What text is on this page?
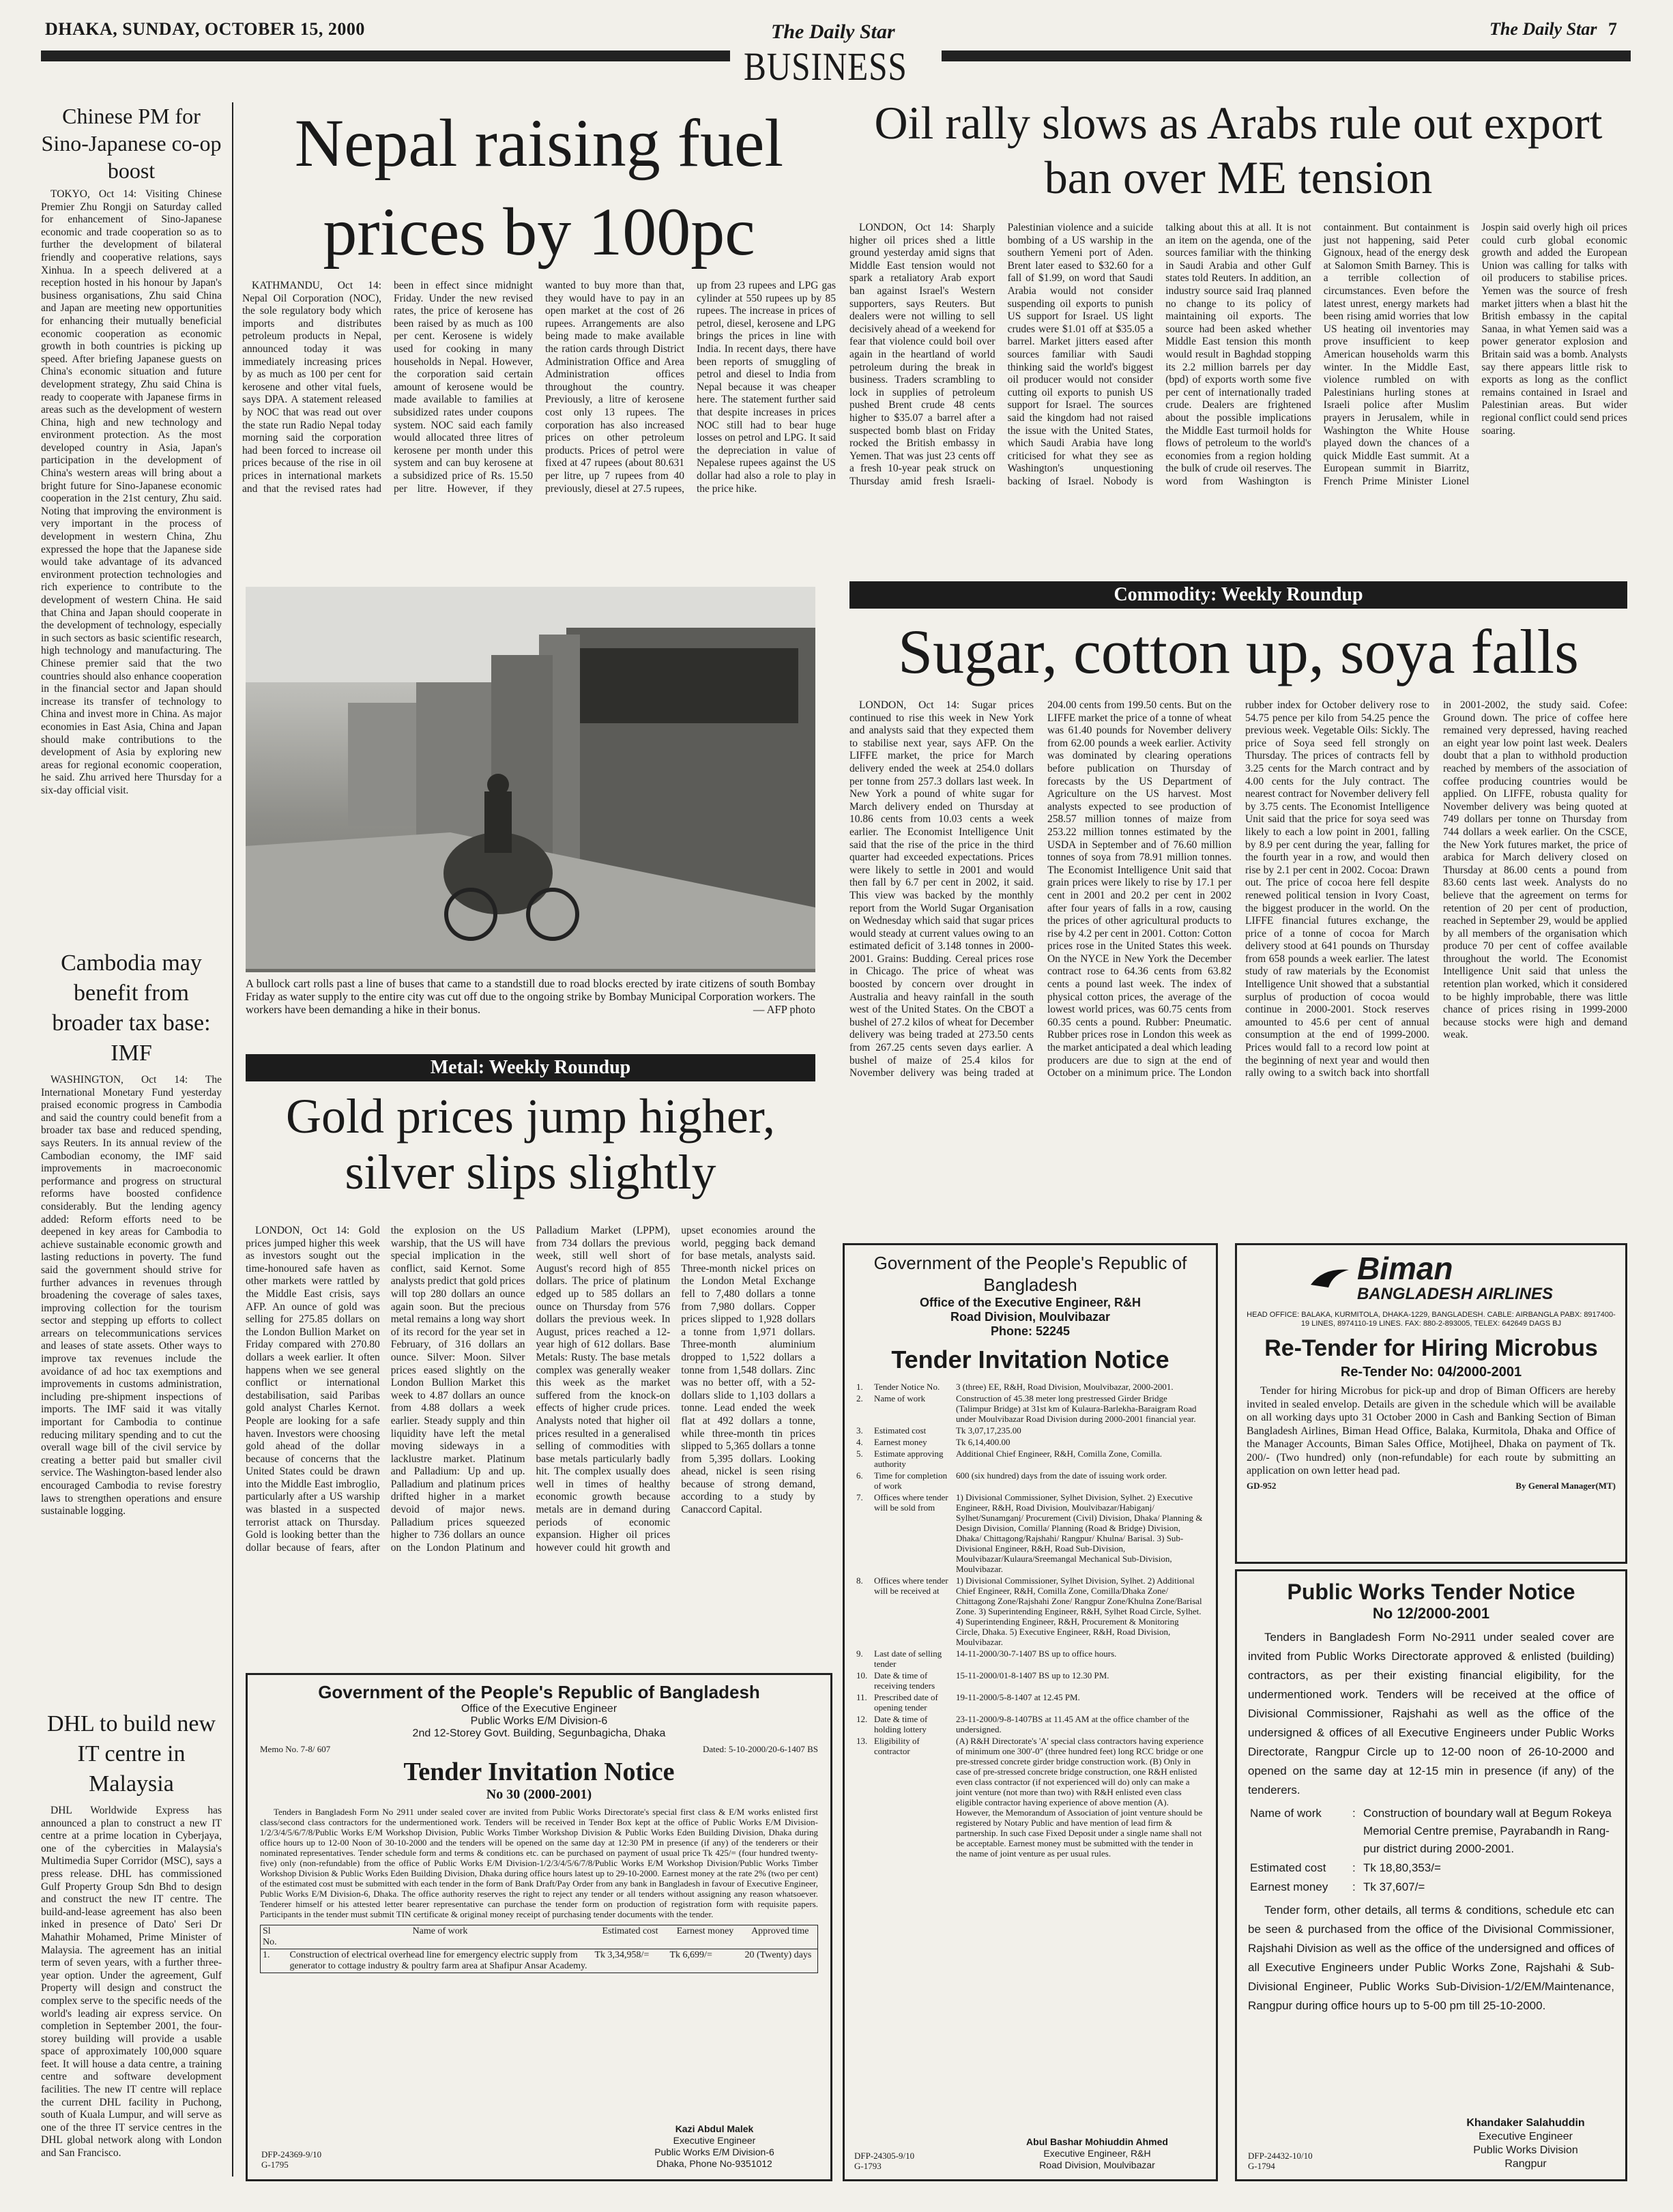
DHAKA, SUNDAY, OCTOBER 15, 2000	The Daily Star
BUSINESS
The Daily Star 7
Chinese PM for Sino-Japanese co-op boost

TOKYO, Oct 14: Visiting Chinese Premier Zhu Rongji on Saturday called for enhancement of Sino-Japanese economic and trade cooperation so as to further the development of bilateral friendly and cooperative relations, says Xinhua. In a speech delivered at a reception hosted in his honour by Japan's business organisations, Zhu said China and Japan are meeting new opportunities for enhancing their mutually beneficial economic cooperation as economic growth in both countries is picking up speed. After briefing Japanese guests on China's economic situation and future development strategy, Zhu said China is ready to cooperate with Japanese firms in areas such as the development of western China, high and new technology and environment protection. As the most developed country in Asia, Japan's participation in the development of China's western areas will bring about a bright future for Sino-Japanese economic cooperation in the 21st century, Zhu said. Noting that improving the environment is very important in the process of development in western China, Zhu expressed the hope that the Japanese side would take advantage of its advanced environment protection technologies and rich experience to contribute to the development of western China. He said that China and Japan should cooperate in the development of technology, especially in such sectors as basic scientific research, high technology and manufacturing. The Chinese premier said that the two countries should also enhance cooperation in the financial sector and Japan should increase its transfer of technology to China and invest more in China. As major economies in East Asia, China and Japan should make contributions to the development of Asia by exploring new areas for regional economic cooperation, he said. Zhu arrived here Thursday for a six-day official visit.

Cambodia may benefit from broader tax base: IMF

WASHINGTON, Oct 14: The International Monetary Fund yesterday praised economic progress in Cambodia and said the country could benefit from a broader tax base and reduced spending, says Reuters. In its annual review of the Cambodian economy, the IMF said improvements in macroeconomic performance and progress on structural reforms have boosted confidence considerably. But the lending agency added: Reform efforts need to be deepened in key areas for Cambodia to achieve sustainable economic growth and lasting reductions in poverty. The fund said the government should strive for further advances in revenues through broadening the coverage of sales taxes, improving collection for the tourism sector and stepping up efforts to collect arrears on telecommunications services and leases of state assets. Other ways to improve tax revenues include the avoidance of ad hoc tax exemptions and improvements in customs administration, including pre-shipment inspections of imports. The IMF said it was vitally important for Cambodia to continue reducing military spending and to cut the overall wage bill of the civil service by creating a better paid but smaller civil service. The Washington-based lender also encouraged Cambodia to revise forestry laws to strengthen operations and ensure sustainable logging.

DHL to build new IT centre in Malaysia

DHL Worldwide Express has announced a plan to construct a new IT centre at a prime location in Cyberjaya, one of the cybercities in Malaysia's Multimedia Super Corridor (MSC), says a press release. DHL has commissioned Gulf Property Group Sdn Bhd to design and construct the new IT centre. The build-and-lease agreement has also been inked in presence of Dato' Seri Dr Mahathir Mohamed, Prime Minister of Malaysia. The agreement has an initial term of seven years, with a further three-year option. Under the agreement, Gulf Property will design and construct the complex serve to the specific needs of the world's leading air express service. On completion in September 2001, the four-storey building will provide a usable space of approximately 100,000 square feet. It will house a data centre, a training centre and software development facilities. The new IT centre will replace the current DHL facility in Puchong, south of Kuala Lumpur, and will serve as one of the three IT service centres in the DHL global network along with London and San Francisco.

Nepal raising fuel prices by 100pc

KATHMANDU, Oct 14: Nepal Oil Corporation (NOC), the sole regulatory body which imports and distributes petroleum products in Nepal, announced today it was immediately increasing prices by as much as 100 per cent for kerosene and other vital fuels, says DPA. A statement released by NOC that was read out over the state run Radio Nepal today morning said the corporation had been forced to increase oil prices because of the rise in oil prices in international markets and that the revised rates had been in effect since midnight Friday. Under the new revised rates, the price of kerosene has been raised by as much as 100 per cent. Kerosene is widely used for cooking in many households in Nepal. However, the corporation said certain amount of kerosene would be made available to families at subsidized rates under coupons system. NOC said each family would allocated three litres of kerosene per month under this system and can buy kerosene at a subsidized price of Rs. 15.50 per litre. However, if they wanted to buy more than that, they would have to pay in an open market at the cost of 26 rupees. Arrangements are also being made to make available the ration cards through District Administration Office and Area Administration offices throughout the country. Previously, a litre of kerosene cost only 13 rupees. The corporation has also increased prices on other petroleum products. Prices of petrol were fixed at 47 rupees (about 80.631 per litre, up 7 rupees from 40 previously, diesel at 27.5 rupees, up from 23 rupees and LPG gas cylinder at 550 rupees up by 85 rupees. The increase in prices of petrol, diesel, kerosene and LPG brings the prices in line with India. In recent days, there have been reports of smuggling of petrol and diesel to India from Nepal because it was cheaper here. The statement further said that despite increases in prices NOC still had to bear huge losses on petrol and LPG. It said the depreciation in value of Nepalese rupees against the US dollar had also a role to play in the price hike.

A bullock cart rolls past a line of buses that came to a standstill due to road blocks erected by irate citizens of south Bombay Friday as water supply to the entire city was cut off due to the ongoing strike by Bombay Municipal Corporation workers. The workers have been demanding a hike in their bonus.	— AFP photo
Metal: Weekly Roundup
Gold prices jump higher, silver slips slightly

LONDON, Oct 14: Gold prices jumped higher this week as investors sought out the time-honoured safe haven as other markets were rattled by the Middle East crisis, says AFP. An ounce of gold was selling for 275.85 dollars on the London Bullion Market on Friday compared with 270.80 dollars a week earlier. It often happens when we see general conflict or international destabilisation, said Paribas gold analyst Charles Kernot. People are looking for a safe haven. Investors were choosing gold ahead of the dollar because of concerns that the United States could be drawn into the Middle East imbroglio, particularly after a US warship was blasted in a suspected terrorist attack on Thursday. Gold is looking better than the dollar because of fears, after the explosion on the US warship, that the US will have special implication in the conflict, said Kernot. Some analysts predict that gold prices will top 280 dollars an ounce again soon. But the precious metal remains a long way short of its record for the year set in February, of 316 dollars an ounce. Silver: Moon. Silver prices eased slightly on the London Bullion Market this week to 4.87 dollars an ounce from 4.88 dollars a week earlier. Steady supply and thin liquidity have left the metal moving sideways in a lacklustre market. Platinum and Palladium: Up and up. Palladium and platinum prices drifted higher in a market devoid of major news. Palladium prices squeezed higher to 736 dollars an ounce on the London Platinum and Palladium Market (LPPM), from 734 dollars the previous week, still well short of August's record high of 855 dollars. The price of platinum edged up to 585 dollars an ounce on Thursday from 576 dollars the previous week. In August, prices reached a 12-year high of 612 dollars. Base Metals: Rusty. The base metals complex was generally weaker this week as the market suffered from the knock-on effects of higher crude prices. Analysts noted that higher oil prices resulted in a generalised selling of commodities with base metals particularly badly hit. The complex usually does well in times of healthy economic growth because metals are in demand during periods of economic expansion. Higher oil prices however could hit growth and upset economies around the world, pegging back demand for base metals, analysts said. Three-month nickel prices on the London Metal Exchange fell to 7,480 dollars a tonne from 7,980 dollars. Copper prices slipped to 1,928 dollars a tonne from 1,971 dollars. Three-month aluminium dropped to 1,522 dollars a tonne from 1,548 dollars. Zinc was no better off, with a 52-dollars slide to 1,103 dollars a tonne. Lead ended the week flat at 492 dollars a tonne, while three-month tin prices slipped to 5,365 dollars a tonne from 5,395 dollars. Looking ahead, nickel is seen rising because of strong demand, according to a study by Canaccord Capital.

Government of the People's Republic of Bangladesh
Office of the Executive Engineer
Public Works E/M Division-6
2nd 12-Storey Govt. Building, Segunbagicha, Dhaka
Memo No. 7-8/ 607	Dated: 5-10-2000/20-6-1407 BS
Tender Invitation Notice
No 30 (2000-2001)

Tenders in Bangladesh Form No 2911 under sealed cover are invited from Public Works Directorate's special first class & E/M works enlisted first class/second class contractors for the undermentioned work. Tenders will be received in Tender Box kept at the office of Public Works E/M Division-1/2/3/4/5/6/7/8/Public Works E/M Workshop Division, Public Works Timber Workshop Division & Public Works Eden Building Division, Dhaka during office hours up to 12-00 Noon of 30-10-2000 and the tenders will be opened on the same day at 12:30 PM in presence (if any) of the tenderers or their nominated representatives. Tender schedule form and terms & conditions etc. can be purchased on payment of usual price Tk 425/= (four hundred twenty-five) only (non-refundable) from the office of Public Works E/M Division-1/2/3/4/5/6/7/8/Public Works E/M Workshop Division/Public Works Timber Workshop Division & Public Works Eden Building Division, Dhaka during office hours latest up to 29-10-2000. Earnest money at the rate 2% (two per cent) of the estimated cost must be submitted with each tender in the form of Bank Draft/Pay Order from any bank in Bangladesh in favour of Executive Engineer, Public Works E/M Division-6, Dhaka. The office authority reserves the right to reject any tender or all tenders without assigning any reason whatsoever. Tenderer himself or his attested letter bearer representative can purchase the tender form on production of registration form with requisite papers. Participants in the tender must submit TIN certificate & original money receipt of purchasing tender documents with the tender.

Sl No.	Name of work	Estimated cost	Earnest money	Approved time
1.	Construction of electrical overhead line for emergency electric supply from generator to cottage industry & poultry farm area at Shafipur Ansar Academy.	Tk 3,34,958/=	Tk 6,699/=	20 (Twenty) days
Kazi Abdul Malek
Executive Engineer
Public Works E/M Division-6
Dhaka, Phone No-9351012
DFP-24369-9/10
G-1795
Oil rally slows as Arabs rule out export ban over ME tension

LONDON, Oct 14: Sharply higher oil prices shed a little ground yesterday amid signs that Middle East tension would not spark a retaliatory Arab export ban against Israel's Western supporters, says Reuters. But dealers were not willing to sell decisively ahead of a weekend for fear that violence could boil over again in the heartland of world petroleum during the break in business. Traders scrambling to lock in supplies of petroleum pushed Brent crude 48 cents higher to $35.07 a barrel after a suspected bomb blast on Friday rocked the British embassy in Yemen. That was just 23 cents off a fresh 10-year peak struck on Thursday amid fresh Israeli-Palestinian violence and a suicide bombing of a US warship in the southern Yemeni port of Aden. Brent later eased to $32.60 for a fall of $1.99, on word that Saudi Arabia would not consider suspending oil exports to punish US support for Israel. US light crudes were $1.01 off at $35.05 a barrel. Market jitters eased after sources familiar with Saudi thinking said the world's biggest oil producer would not consider cutting oil exports to punish US support for Israel. The sources said the kingdom had not raised the issue with the United States, which Saudi Arabia have long criticised for what they see as Washington's unquestioning backing of Israel. Nobody is talking about this at all. It is not an item on the agenda, one of the sources familiar with the thinking in Saudi Arabia and other Gulf states told Reuters. In addition, an industry source said Iraq planned no change to its policy of maintaining oil exports. The source had been asked whether Middle East tension this month would result in Baghdad stopping its 2.2 million barrels per day (bpd) of exports worth some five per cent of internationally traded crude. Dealers are frightened about the possible implications the Middle East turmoil holds for flows of petroleum to the world's economies from a region holding the bulk of crude oil reserves. The word from Washington is containment. But containment is just not happening, said Peter Gignoux, head of the energy desk at Salomon Smith Barney. This is a terrible collection of circumstances. Even before the latest unrest, energy markets had been rising amid worries that low US heating oil inventories may prove insufficient to keep American households warm this winter. In the Middle East, violence rumbled on with Palestinians hurling stones at Israeli police after Muslim prayers in Jerusalem, while in Washington the White House played down the chances of a quick Middle East summit. At a European summit in Biarritz, French Prime Minister Lionel Jospin said overly high oil prices could curb global economic growth and added the European Union was calling for talks with oil producers to stabilise prices. Yemen was the source of fresh market jitters when a blast hit the British embassy in the capital Sanaa, in what Yemen said was a power generator explosion and Britain said was a bomb. Analysts say there appears little risk to exports as long as the conflict remains contained in Israel and Palestinian areas. But wider regional conflict could send prices soaring.

Commodity: Weekly Roundup
Sugar, cotton up, soya falls

LONDON, Oct 14: Sugar prices continued to rise this week in New York and analysts said that they expected them to stabilise next year, says AFP. On the LIFFE market, the price for March delivery ended the week at 254.0 dollars per tonne from 257.3 dollars last week. In New York a pound of white sugar for March delivery ended on Thursday at 10.86 cents from 10.03 cents a week earlier. The Economist Intelligence Unit said that the rise of the price in the third quarter had exceeded expectations. Prices were likely to settle in 2001 and would then fall by 6.7 per cent in 2002, it said. This view was backed by the monthly report from the World Sugar Organisation on Wednesday which said that sugar prices would steady at current values owing to an estimated deficit of 3.148 tonnes in 2000-2001. Grains: Budding. Cereal prices rose in Chicago. The price of wheat was boosted by concern over drought in Australia and heavy rainfall in the south west of the United States. On the CBOT a bushel of 27.2 kilos of wheat for December delivery was being traded at 273.50 cents from 267.25 cents seven days earlier. A bushel of maize of 25.4 kilos for November delivery was being traded at 204.00 cents from 199.50 cents. But on the LIFFE market the price of a tonne of wheat was 61.40 pounds for November delivery from 62.00 pounds a week earlier. Activity was dominated by clearing operations before publication on Thursday of forecasts by the US Department of Agriculture on the US harvest. Most analysts expected to see production of 258.57 million tonnes of maize from 253.22 million tonnes estimated by the USDA in September and of 76.60 million tonnes of soya from 78.91 million tonnes. The Economist Intelligence Unit said that grain prices were likely to rise by 17.1 per cent in 2001 and 20.2 per cent in 2002 after four years of falls in a row, causing the prices of other agricultural products to rise by 4.2 per cent in 2001. Cotton: Cotton prices rose in the United States this week. On the NYCE in New York the December contract rose to 64.36 cents from 63.82 cents a pound last week. The index of physical cotton prices, the average of the lowest world prices, was 60.75 cents from 60.35 cents a pound. Rubber: Pneumatic. Rubber prices rose in London this week as the market anticipated a deal which leading producers are due to sign at the end of October on a minimum price. The London rubber index for October delivery rose to 54.75 pence per kilo from 54.25 pence the previous week. Vegetable Oils: Sickly. The price of Soya seed fell strongly on Thursday. The prices of contracts fell by 3.25 cents for the March contract and by 4.00 cents for the July contract. The nearest contract for November delivery fell by 3.75 cents. The Economist Intelligence Unit said that the price for soya seed was likely to each a low point in 2001, falling by 8.9 per cent during the year, falling for the fourth year in a row, and would then rise by 2.1 per cent in 2002. Cocoa: Drawn out. The price of cocoa here fell despite renewed political tension in Ivory Coast, the biggest producer in the world. On the LIFFE financial futures exchange, the price of a tonne of cocoa for March delivery stood at 641 pounds on Thursday from 658 pounds a week earlier. The latest study of raw materials by the Economist Intelligence Unit showed that a substantial surplus of production of cocoa would continue in 2000-2001. Stock reserves amounted to 45.6 per cent of annual consumption at the end of 1999-2000. Prices would fall to a record low point at the beginning of next year and would then rally owing to a switch back into shortfall in 2001-2002, the study said. Cofee: Ground down. The price of coffee here remained very depressed, having reached an eight year low point last week. Dealers doubt that a plan to withhold production reached by members of the association of coffee producing countries would be applied. On LIFFE, robusta quality for November delivery was being quoted at 749 dollars per tonne on Thursday from 744 dollars a week earlier. On the CSCE, the New York futures market, the price of arabica for March delivery closed on Thursday at 86.00 cents a pound from 83.60 cents last week. Analysts do no believe that the agreement on terms for retention of 20 per cent of production, reached in September 29, would be applied by all members of the organisation which produce 70 per cent of coffee available throughout the world. The Economist Intelligence Unit said that unless the retention plan worked, which it considered to be highly improbable, there was little chance of prices rising in 1999-2000 because stocks were high and demand weak.

Government of the People's Republic of Bangladesh
Office of the Executive Engineer, R&H
Road Division, Moulvibazar
Phone: 52245
Tender Invitation Notice
1.	Tender Notice No.	3 (three) EE, R&H, Road Division, Moulvibazar, 2000-2001.
2.	Name of work	Construction of 45.38 meter long prestressed Girder Bridge (Talimpur Bridge) at 31st km of Kulaura-Barlekha-Baraigram Road under Moulvibazar Road Division during 2000-2001 financial year.
3.	Estimated cost	Tk 3,07,17,235.00
4.	Earnest money	Tk 6,14,400.00
5.	Estimate approving authority	Additional Chief Engineer, R&H, Comilla Zone, Comilla.
6.	Time for completion of work	600 (six hundred) days from the date of issuing work order.
7.	Offices where tender will be sold from	1) Divisional Commissioner, Sylhet Division, Sylhet. 2) Executive Engineer, R&H, Road Division, Moulvibazar/Habiganj/ Sylhet/Sunamganj/ Procurement (Civil) Division, Dhaka/ Planning & Design Division, Comilla/ Planning (Road & Bridge) Division, Dhaka/ Chittagong/Rajshahi/ Rangpur/ Khulna/ Barisal. 3) Sub-Divisional Engineer, R&H, Road Sub-Division, Moulvibazar/Kulaura/Sreemangal Mechanical Sub-Division, Moulvibazar.
8.	Offices where tender will be received at	1) Divisional Commissioner, Sylhet Division, Sylhet. 2) Additional Chief Engineer, R&H, Comilla Zone, Comilla/Dhaka Zone/ Chittagong Zone/Rajshahi Zone/ Rangpur Zone/Khulna Zone/Barisal Zone. 3) Superintending Engineer, R&H, Sylhet Road Circle, Sylhet. 4) Superintending Engineer, R&H, Procurement & Monitoring Circle, Dhaka. 5) Executive Engineer, R&H, Road Division, Moulvibazar.
9.	Last date of selling tender	14-11-2000/30-7-1407 BS up to office hours.
10.	Date & time of receiving tenders	15-11-2000/01-8-1407 BS up to 12.30 PM.
11.	Prescribed date of opening tender	19-11-2000/5-8-1407 at 12.45 PM.
12.	Date & time of holding lottery	23-11-2000/9-8-1407BS at 11.45 AM at the office chamber of the undersigned.
13.	Eligibility of contractor	(A) R&H Directorate's 'A' special class contractors having experience of minimum one 300'-0" (three hundred feet) long RCC bridge or one pre-stressed concrete girder bridge construction work. (B) Only in case of pre-stressed concrete bridge construction, one R&H enlisted even class contractor (if not experienced will do) only can make a joint venture (not more than two) with R&H enlisted even class eligible contractor having experience of above mention (A). However, the Memorandum of Association of joint venture should be registered by Notary Public and have mention of lead firm & partnership. In such case Fixed Deposit under a single name shall not be acceptable. Earnest money must be submitted with the tender in the name of joint venture as per usual rules.
Abul Bashar Mohiuddin Ahmed
Executive Engineer, R&H
Road Division, Moulvibazar
DFP-24305-9/10
G-1793
Biman
BANGLADESH AIRLINES
HEAD OFFICE: BALAKA, KURMITOLA, DHAKA-1229, BANGLADESH. CABLE: AIRBANGLA PABX: 8917400-19 LINES, 8974110-19 LINES. FAX: 880-2-893005, TELEX: 642649 DAGS BJ
Re-Tender for Hiring Microbus
Re-Tender No: 04/2000-2001

Tender for hiring Microbus for pick-up and drop of Biman Officers are hereby invited in sealed envelop. Details are given in the schedule which will be available on all working days upto 31 October 2000 in Cash and Banking Section of Biman Bangladesh Airlines, Biman Head Office, Balaka, Kurmitola, Dhaka and Office of the Manager Accounts, Biman Sales Office, Motijheel, Dhaka on payment of Tk. 200/- (Two hundred) only (non-refundable) for each route by submitting an application on own letter head pad.

GD-952	By General Manager(MT)
Public Works Tender Notice
No 12/2000-2001

Tenders in Bangladesh Form No-2911 under sealed cover are invited from Public Works Directorate approved & enlisted (building) contractors, as per their existing financial eligibility, for the undermentioned work. Tenders will be received at the office of Divisional Commissioner, Rajshahi as well as the office of the undersigned & offices of all Executive Engineers under Public Works Directorate, Rangpur Circle up to 12-00 noon of 26-10-2000 and opened on the same day at 12-15 min in presence (if any) of the tenderers.

Name of work	:	Construction of boundary wall at Begum Rokeya Memorial Centre premise, Payrabandh in Rang-pur district during 2000-2001.
Estimated cost	:	Tk 18,80,353/=
Earnest money	:	Tk 37,607/=

Tender form, other details, all terms & conditions, schedule etc can be seen & purchased from the office of the Divisional Commissioner, Rajshahi Division as well as the office of the undersigned and offices of all Executive Engineers under Public Works Zone, Rajshahi & Sub-Divisional Engineer, Public Works Sub-Division-1/2/EM/Maintenance, Rangpur during office hours up to 5-00 pm till 25-10-2000.

Khandaker Salahuddin
Executive Engineer
Public Works Division
Rangpur
DFP-24432-10/10
G-1794
